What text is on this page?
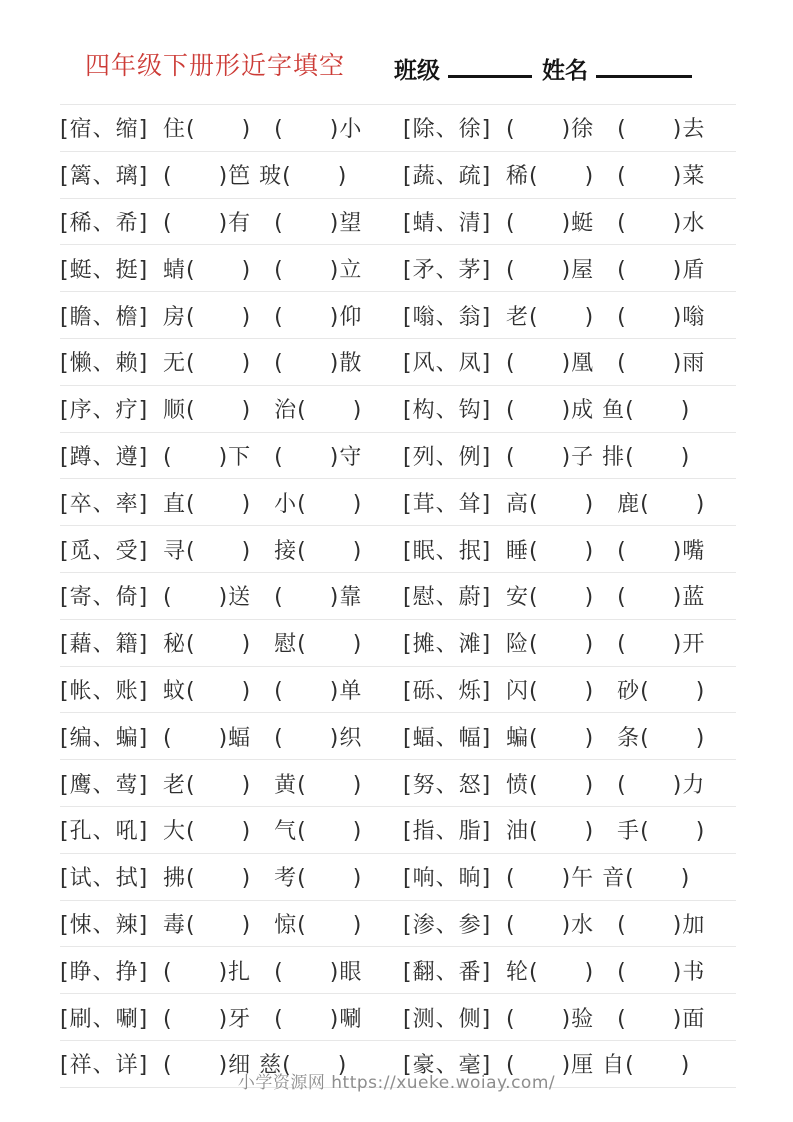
四年级下册形近字填空 班级	姓名
[宿、缩] 住(　　)　(　　)小 [除、徐] (　　)徐　(　　)去
[篱、璃] (　　)笆 玻(　　)	[蔬、疏] 稀(　　)　(　　)菜
[稀、希] (　　)有　(　　)望 [蜻、清] (　　)蜓　(　　)水
[蜓、挺] 蜻(　　)　(　　)立 [矛、茅] (　　)屋　(　　)盾
[瞻、檐] 房(　　)　(　　)仰 [嗡、翁] 老(　　)　(　　)嗡
[懒、赖] 无(　　)　(　　)散 [风、凤] (　　)凰　(　　)雨
[序、疗] 顺(　　)　治(　　) [构、钩] (　　)成 鱼(　　)
[蹲、遵] (　　)下　(　　)守 [列、例] (　　)子 排(　　)
[卒、率] 直(　　)　小(　　) [茸、耸] 高(　　)　鹿(　　)
[觅、受] 寻(　　)　接(　　) [眠、抿] 睡(　　)　(　　)嘴
[寄、倚] (　　)送　(　　)靠 [慰、蔚] 安(　　)　(　　)蓝
[藉、籍] 秘(　　)　慰(　　) [摊、滩] 险(　　)　(　　)开
[帐、账] 蚊(　　)　(　　)单 [砾、烁] 闪(　　)　砂(　　)
[编、蝙] (　　)蝠　(　　)织 [蝠、幅] 蝙(　　)　条(　　)
[鹰、莺] 老(　　)　黄(　　) [努、怒] 愤(　　)　(　　)力
[孔、吼] 大(　　)　气(　　) [指、脂] 油(　　)　手(　　)
[试、拭] 拂(　　)　考(　　) [响、晌] (　　)午 音(　　)
[悚、辣] 毒(　　)　惊(　　) [渗、参] (　　)水　(　　)加
[睁、挣] (　　)扎　(　　)眼 [翻、番] 轮(　　)　(　　)书
[刷、唰] (　　)牙　(　　)唰 [测、侧] (　　)验　(　　)面
[祥、详] (　　)细 慈(　　)	[豪、毫] (　　)厘 自(　　)
小学资源网 https://xueke.woiay.com/
